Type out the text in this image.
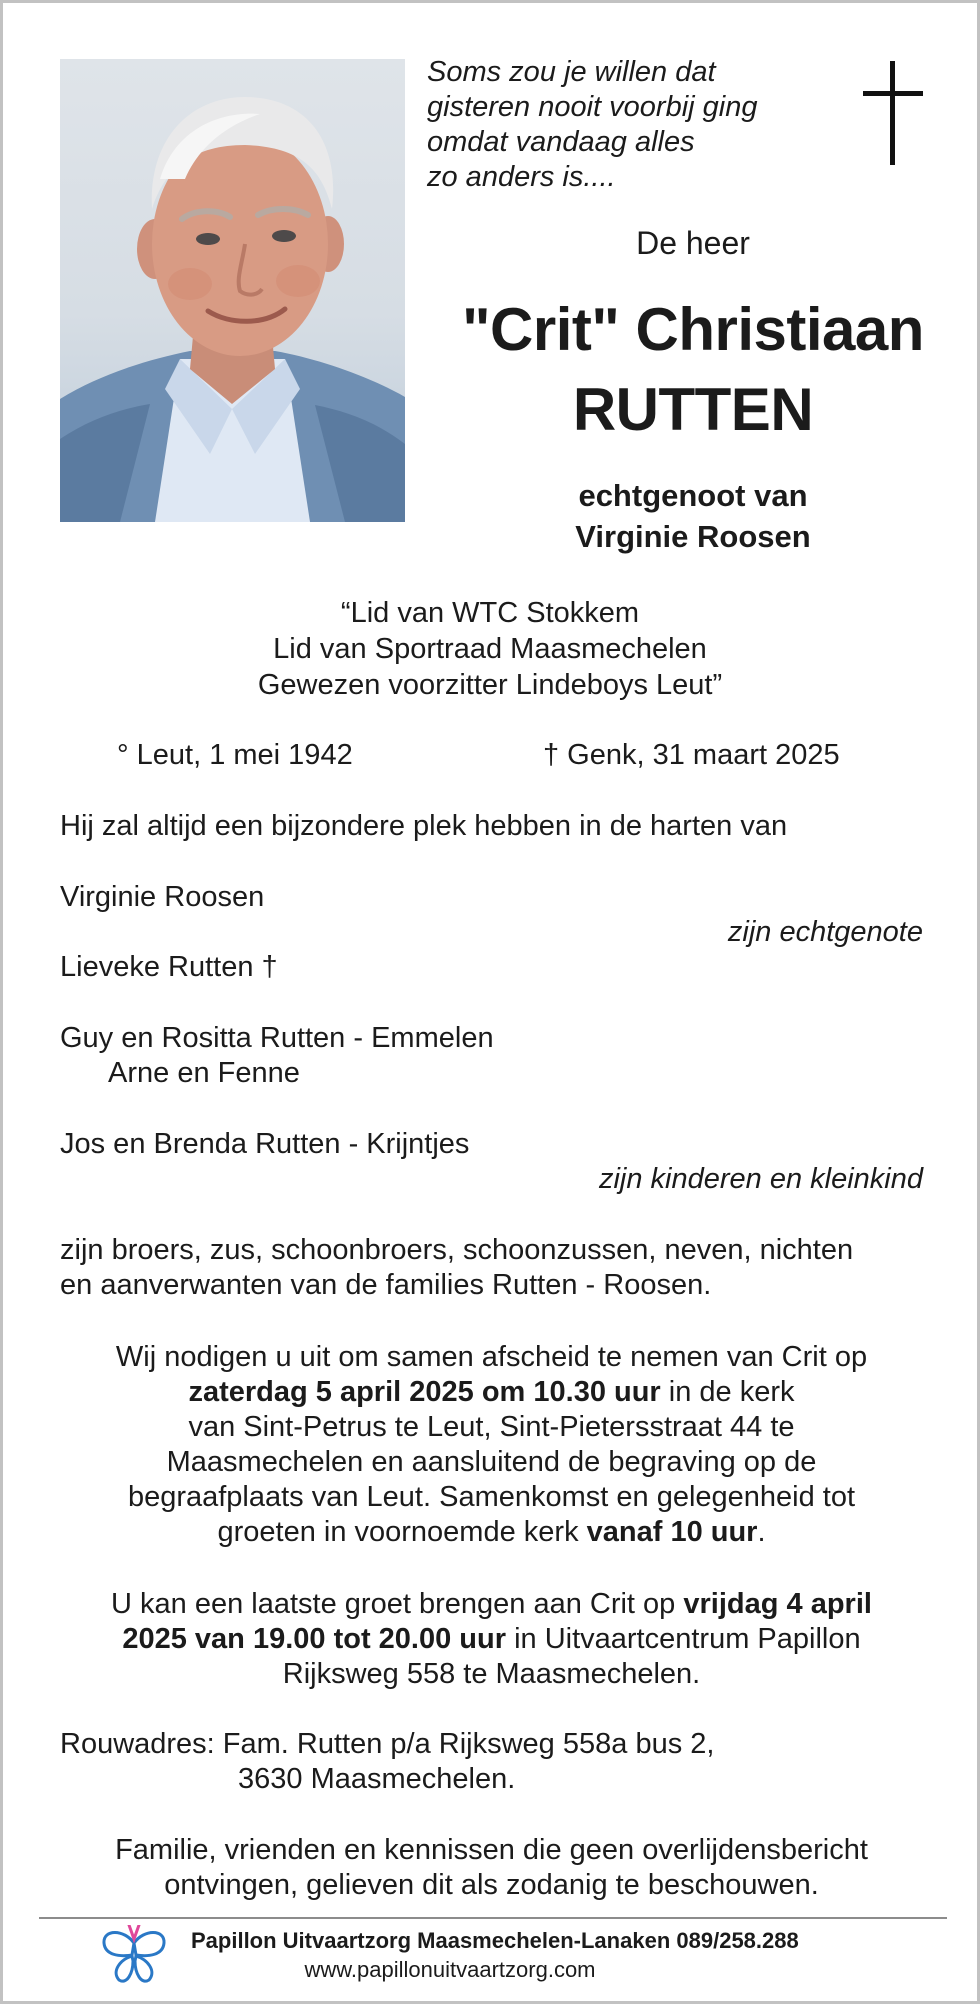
Soms zou je willen dat
gisteren nooit voorbij ging
omdat vandaag alles
zo anders is....
De heer
"Crit" Christiaan
RUTTEN
echtgenoot van
Virginie Roosen
“Lid van WTC Stokkem
Lid van Sportraad Maasmechelen
Gewezen voorzitter Lindeboys Leut”
° Leut, 1 mei 1942	† Genk, 31 maart 2025
Hij zal altijd een bijzondere plek hebben in de harten van
Virginie Roosen
zijn echtgenote
Lieveke Rutten †
Guy en Rositta Rutten - Emmelen
Arne en Fenne
Jos en Brenda Rutten - Krijntjes
zijn kinderen en kleinkind
zijn broers, zus, schoonbroers, schoonzussen, neven, nichten
en aanverwanten van de families Rutten - Roosen.
Wij nodigen u uit om samen afscheid te nemen van Crit op
zaterdag 5 april 2025 om 10.30 uur in de kerk
van Sint-Petrus te Leut, Sint-Pietersstraat 44 te
Maasmechelen en aansluitend de begraving op de
begraafplaats van Leut. Samenkomst en gelegenheid tot
groeten in voornoemde kerk vanaf 10 uur.
U kan een laatste groet brengen aan Crit op vrijdag 4 april
2025 van 19.00 tot 20.00 uur in Uitvaartcentrum Papillon
Rijksweg 558 te Maasmechelen.
Rouwadres: Fam. Rutten p/a Rijksweg 558a bus 2,
3630 Maasmechelen.
Familie, vrienden en kennissen die geen overlijdensbericht
ontvingen, gelieven dit als zodanig te beschouwen.
Papillon Uitvaartzorg Maasmechelen-Lanaken 089/258.288
www.papillonuitvaartzorg.com
